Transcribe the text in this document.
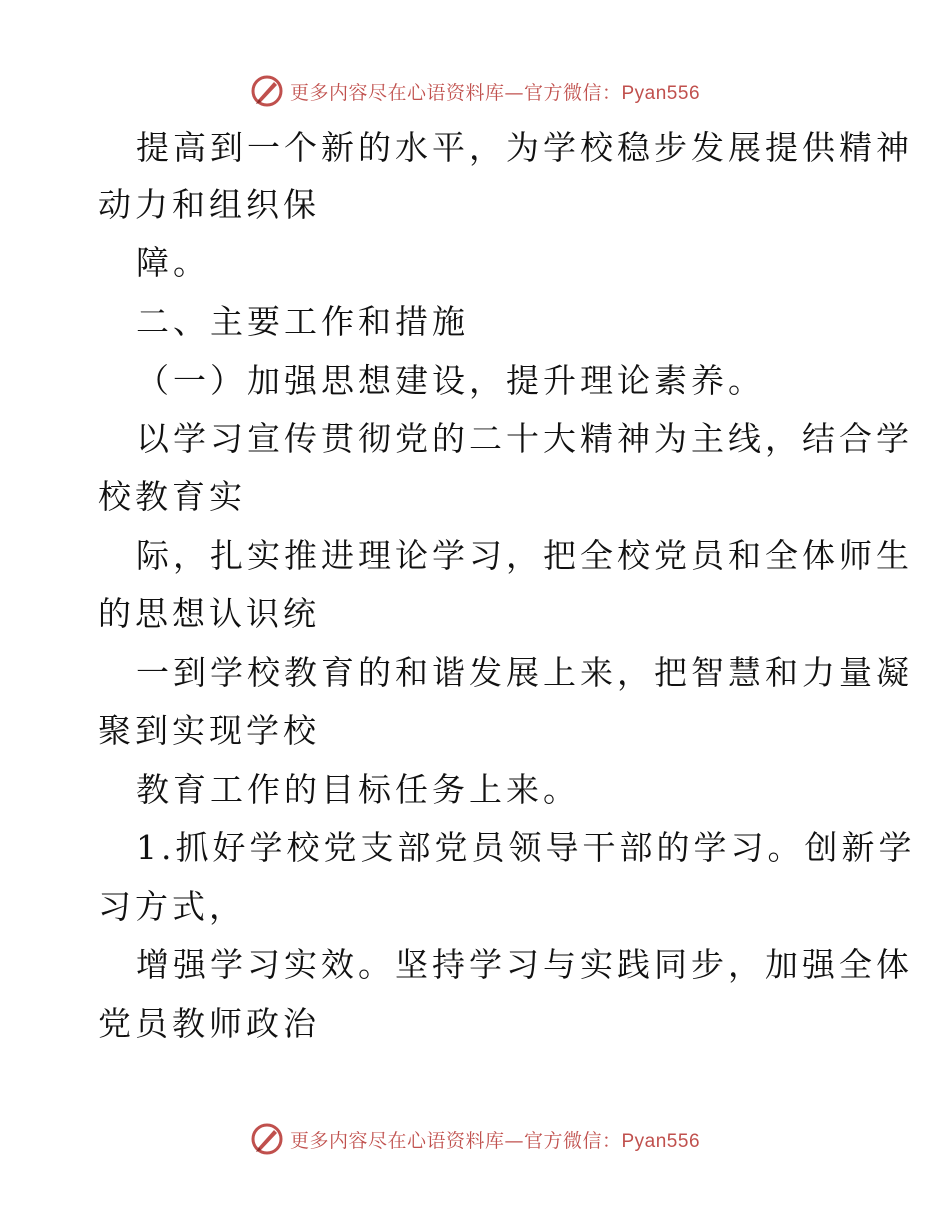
更多内容尽在心语资料库—官方微信：Pyan556
提高到一个新的水平，为学校稳步发展提供精神
动力和组织保
障。
二、主要工作和措施
（一）加强思想建设，提升理论素养。
以学习宣传贯彻党的二十大精神为主线，结合学
校教育实
际，扎实推进理论学习，把全校党员和全体师生
的思想认识统
一到学校教育的和谐发展上来，把智慧和力量凝
聚到实现学校
教育工作的目标任务上来。
1.抓好学校党支部党员领导干部的学习。创新学
习方式，
增强学习实效。坚持学习与实践同步，加强全体
党员教师政治
更多内容尽在心语资料库—官方微信：Pyan556
